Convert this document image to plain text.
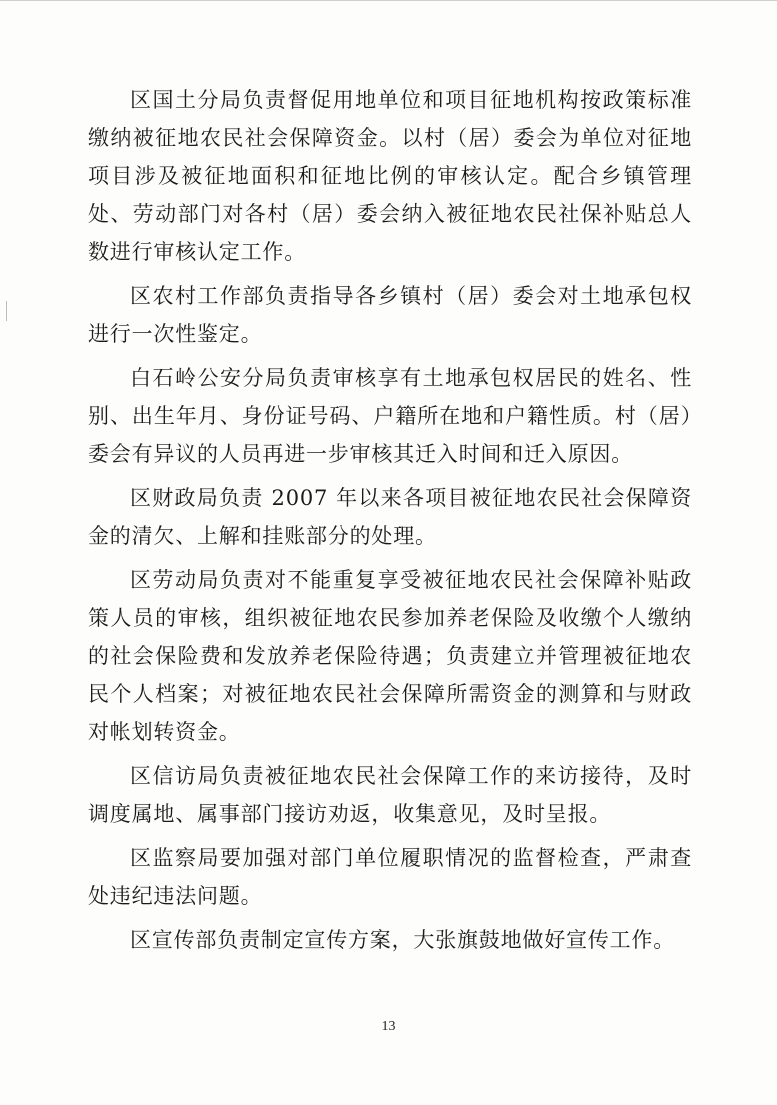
区国土分局负责督促用地单位和项目征地机构按政策标准缴纳被征地农民社会保障资金。以村（居）委会为单位对征地项目涉及被征地面积和征地比例的审核认定。配合乡镇管理处、劳动部门对各村（居）委会纳入被征地农民社保补贴总人数进行审核认定工作。

区农村工作部负责指导各乡镇村（居）委会对土地承包权进行一次性鉴定。

白石岭公安分局负责审核享有土地承包权居民的姓名、性别、出生年月、身份证号码、户籍所在地和户籍性质。村（居）委会有异议的人员再进一步审核其迁入时间和迁入原因。

区财政局负责 2007 年以来各项目被征地农民社会保障资金的清欠、上解和挂账部分的处理。

区劳动局负责对不能重复享受被征地农民社会保障补贴政策人员的审核，组织被征地农民参加养老保险及收缴个人缴纳的社会保险费和发放养老保险待遇；负责建立并管理被征地农民个人档案；对被征地农民社会保障所需资金的测算和与财政对帐划转资金。

区信访局负责被征地农民社会保障工作的来访接待，及时调度属地、属事部门接访劝返，收集意见，及时呈报。

区监察局要加强对部门单位履职情况的监督检查，严肃查处违纪违法问题。

区宣传部负责制定宣传方案，大张旗鼓地做好宣传工作。

13
